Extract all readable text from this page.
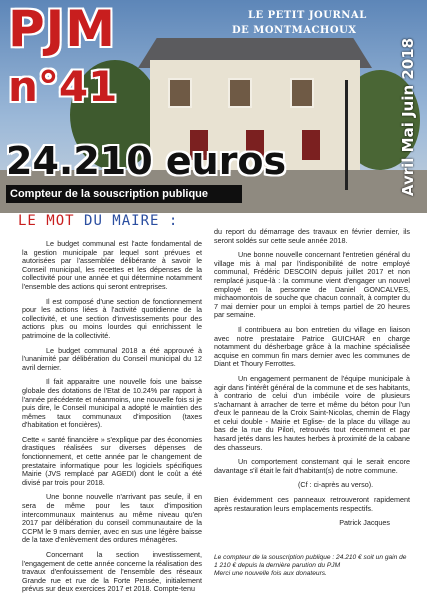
PJM
n°41
LE PETIT JOURNAL
DE MONTMACHOUX
24.210 euros
Compteur de la souscription publique	Avril Mai Juin 2018
LE MOT DU MAIRE :

Le budget communal est l'acte fondamental de la gestion municipale par lequel sont prévues et autorisées par l'assemblée délibérante à savoir le Conseil municipal, les recettes et les dépenses de la collectivité pour une année et qui détermine notamment l'ensemble des actions qui seront entreprises.

Il est composé d'une section de fonctionnement pour les actions liées à l'activité quotidienne de la collectivité, et une section d'investissements pour des actions plus ou moins lourdes qui enrichissent le patrimoine de la collectivité.

Le budget communal 2018 a été approuvé à l'unanimité par délibération du Conseil municipal du 12 avril dernier.

Il fait apparaitre une nouvelle fois une baisse globale des dotations de l'Etat de 10.24% par rapport à l'année précédente et néanmoins, une nouvelle fois si je puis dire, le Conseil municipal a adopté le maintien des mêmes taux communaux d'imposition (taxes d'habitation et foncières).

Cette « santé financière » s'explique par des économies drastiques réalisées sur diverses dépenses de fonctionnement, et cette année par le changement de prestataire informatique pour les logiciels spécifiques Mairie (JVS remplacé par AGEDI) dont le coût a été divisé par trois pour 2018.

Une bonne nouvelle n'arrivant pas seule, il en sera de même pour les taux d'imposition intercommunaux maintenus au même niveau qu'en 2017 par délibération du conseil communautaire de la CCPM le 9 mars dernier, avec en sus une légère baisse de la taxe d'enlèvement des ordures ménagères.

Concernant la section investissement, l'engagement de cette année concerne la réalisation des travaux d'enfouissement de l'ensemble des réseaux Grande rue et rue de la Forte Pensée, initialement prévus sur deux exercices 2017 et 2018. Compte-tenu

du report du démarrage des travaux en février dernier, ils seront soldés sur cette seule année 2018.

Une bonne nouvelle concernant l'entretien général du village mis à mal par l'indisponibilité de notre employé communal, Frédéric DESCOIN depuis juillet 2017 et non remplacé jusque-là : la commune vient d'engager un nouvel employé en la personne de Daniel GONCALVES, michaomontois de souche que chacun connaît, à compter du 7 mai dernier pour un emploi à temps partiel de 20 heures par semaine.

Il contribuera au bon entretien du village en liaison avec notre prestataire Patrice GUICHAR en charge notamment du désherbage grâce à la machine spécialisée acquise en commun fin mars dernier avec les communes de Diant et Thoury Ferrottes.

Un engagement permanent de l'équipe municipale à agir dans l'intérêt général de la commune et de ses habitants, à contrario de celui d'un imbécile voire de plusieurs s'acharnant à arracher de terre et même du béton pour l'un d'eux le panneau de la Croix Saint-Nicolas, chemin de Flagy et celui double - Mairie et Eglise- de la place du village au bas de la rue du Pilori, retrouvés tout récemment et par hasard jetés dans les hautes herbes à proximité de la cabane des chasseurs.

Un comportement consternant qui le serait encore davantage s'il était le fait d'habitant(s) de notre commune.

(Cf : ci-après au verso).

Bien évidemment ces panneaux retrouveront rapidement après restauration leurs emplacements respectifs.

Patrick Jacques

Le compteur de la souscription publique : 24.210 € soit un gain de 1 210 € depuis la dernière parution du PJM
Merci une nouvelle fois aux donateurs.
